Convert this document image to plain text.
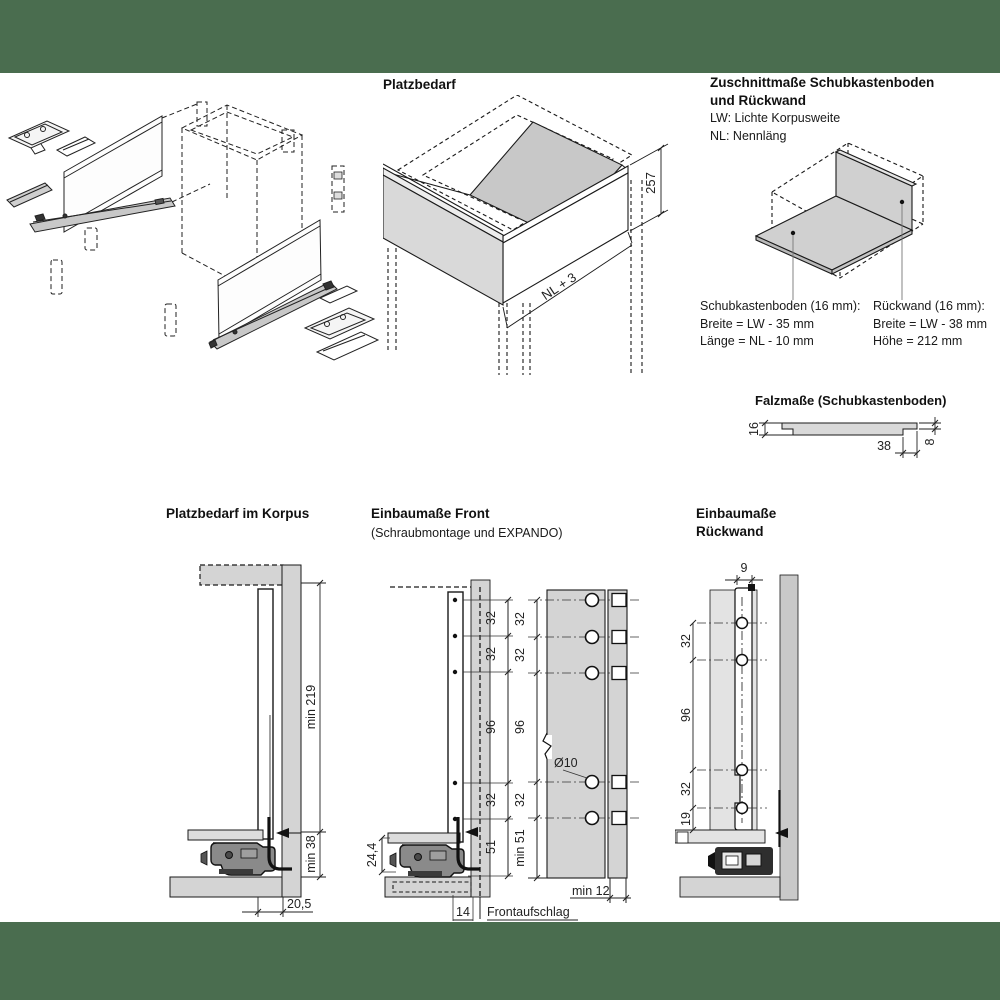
Platzbedarf
257
NL + 3
Zuschnittmaße Schubkastenboden
und Rückwand
LW: Lichte Korpusweite
NL: Nennläng
Schubkastenboden (16 mm):
Breite = LW - 35 mm
Länge = NL - 10 mm
Rückwand (16 mm):
Breite = LW - 38 mm
Höhe = 212 mm
Falzmaße (Schubkastenboden)
16
38	8
Platzbedarf im Korpus
min 219
min 38
20,5
Einbaumaße Front
(Schraubmontage und EXPANDO)
32
32
96
32
51
24,4
14 Frontaufschlag
Ø10
32
32
96
32
min 51
min 12
Einbaumaße
Rückwand
9
32
96
32
19
